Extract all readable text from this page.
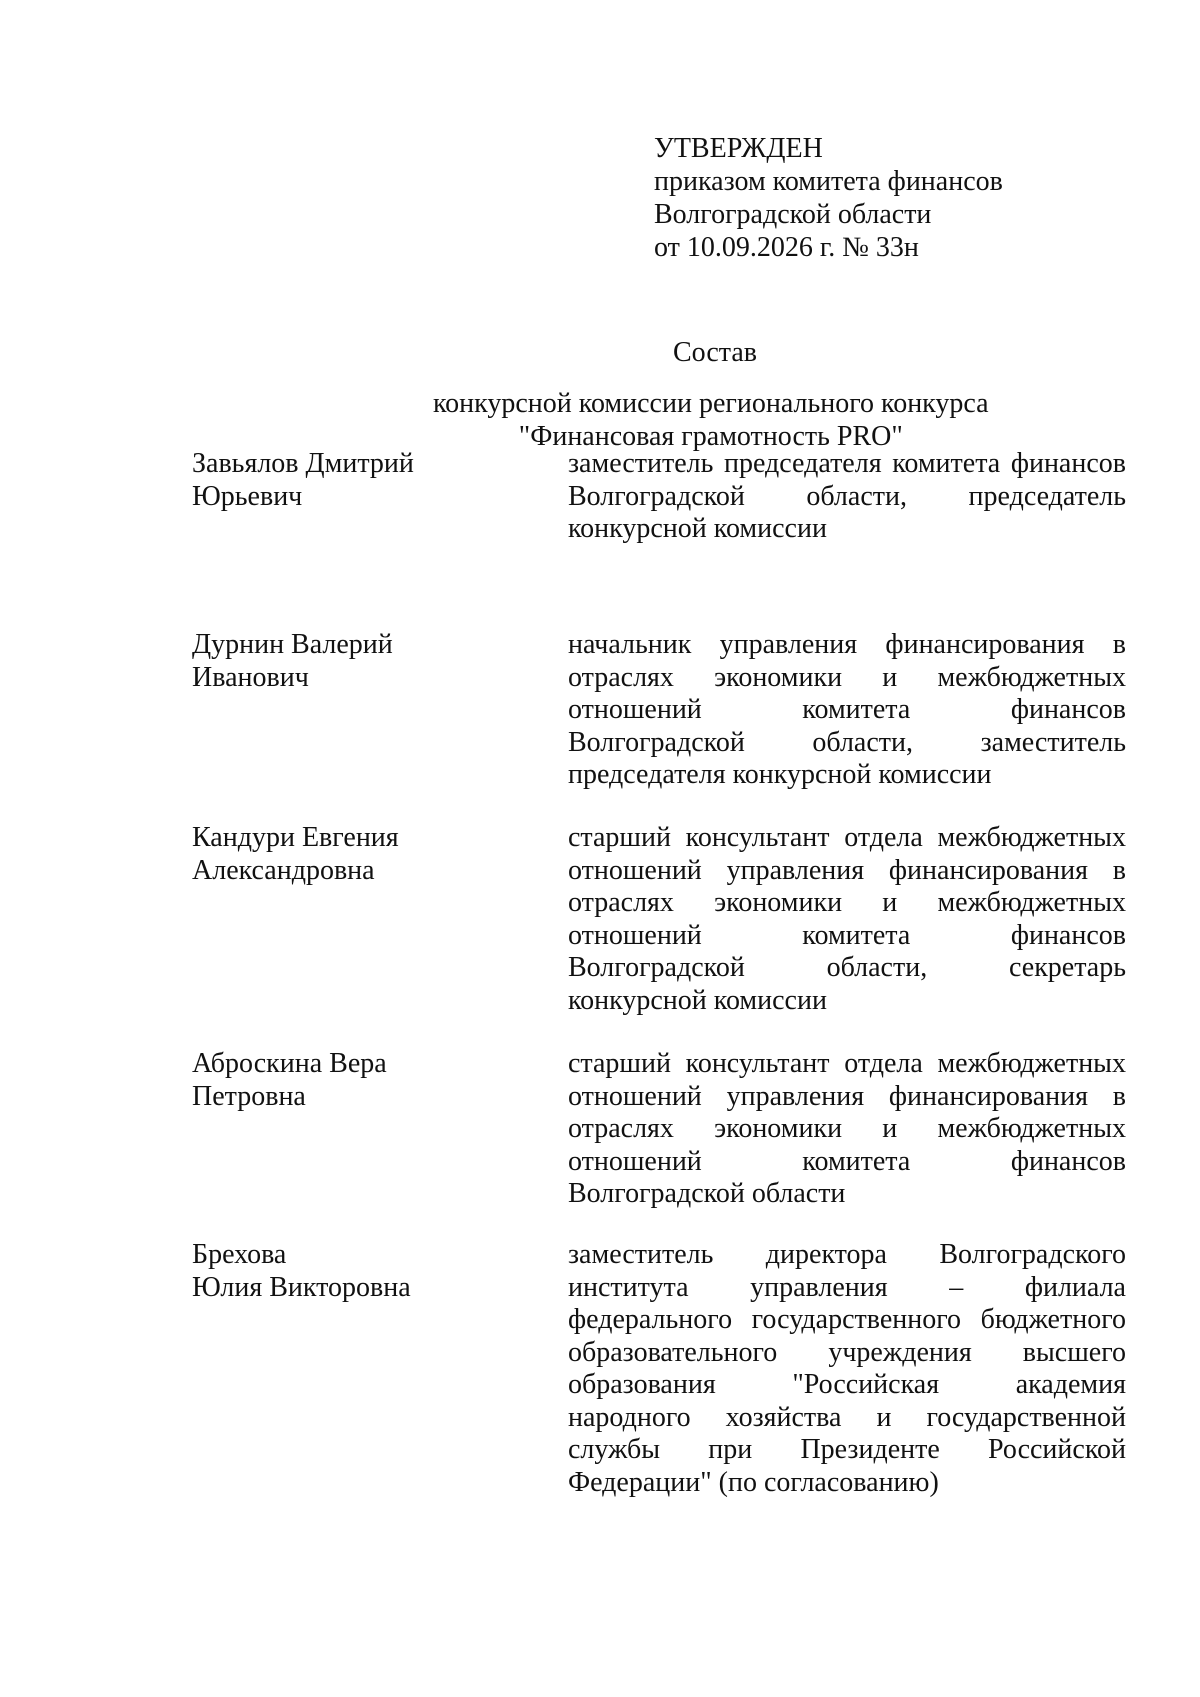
УТВЕРЖДЕН
приказом комитета финансов
Волгоградской области
от 10.09.2026 г. № 33н
Состав
конкурсной комиссии регионального конкурса
"Финансовая грамотность PRO"
Завьялов Дмитрий
Юрьевич
заместитель председателя комитета финансов
Волгоградской области, председатель
конкурсной комиссии
Дурнин Валерий
Иванович
начальник управления финансирования в
отраслях экономики и межбюджетных
отношений комитета финансов
Волгоградской области, заместитель
председателя конкурсной комиссии
Кандури Евгения
Александровна
старший консультант отдела межбюджетных
отношений управления финансирования в
отраслях экономики и межбюджетных
отношений комитета финансов
Волгоградской области, секретарь
конкурсной комиссии
Аброскина Вера
Петровна
старший консультант отдела межбюджетных
отношений управления финансирования в
отраслях экономики и межбюджетных
отношений комитета финансов
Волгоградской области
Брехова
Юлия Викторовна
заместитель директора Волгоградского
института управления – филиала
федерального государственного бюджетного
образовательного учреждения высшего
образования "Российская академия
народного хозяйства и государственной
службы при Президенте Российской
Федерации" (по согласованию)
